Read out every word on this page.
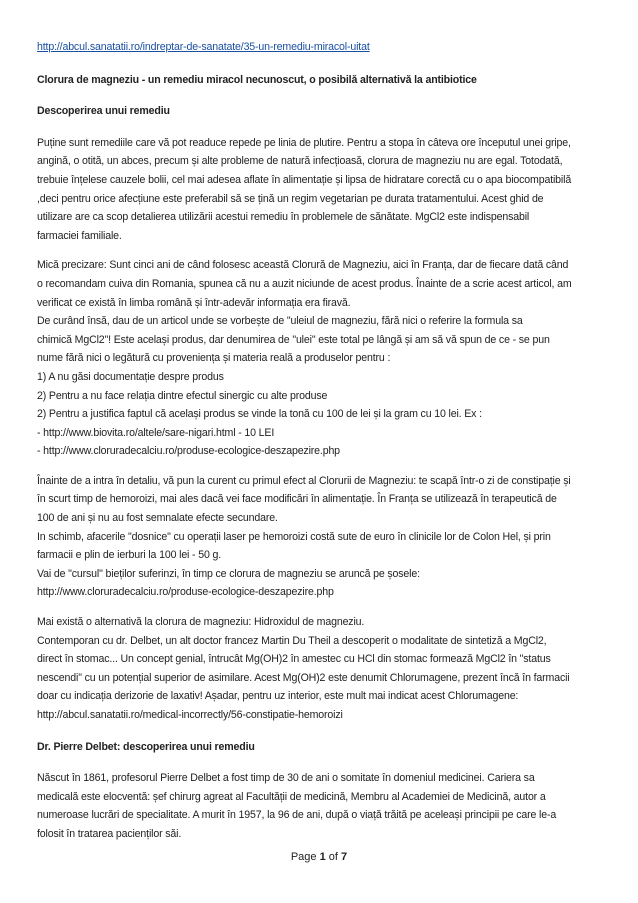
http://abcul.sanatatii.ro/indreptar-de-sanatate/35-un-remediu-miracol-uitat
Clorura de magneziu - un remediu miracol necunoscut, o posibilă alternativă la antibiotice
Descoperirea unui remediu
Puține sunt remediile care vă pot readuce repede pe linia de plutire. Pentru a stopa în câteva ore începutul unei gripe,
angină, o otită, un abces, precum și alte probleme de natură infecțioasă, clorura de magneziu nu are egal. Totodată,
trebuie înțelese cauzele bolii, cel mai adesea aflate în alimentație și lipsa de hidratare corectă cu o apa biocompatibilă
,deci pentru orice afecțiune este preferabil să se țină un regim vegetarian pe durata tratamentului. Acest ghid de
utilizare are ca scop detalierea utilizării acestui remediu în problemele de sănătate. MgCl2 este indispensabil
farmaciei familiale.
Mică precizare: Sunt cinci ani de când folosesc această Clorură de Magneziu, aici în Franța, dar de fiecare dată când
o recomandam cuiva din Romania, spunea că nu a auzit niciunde de acest produs. Înainte de a scrie acest articol, am
verificat ce există în limba română și într-adevăr informația era firavă.
De curând însă, dau de un articol unde se vorbește de "uleiul de magneziu, fără nici o referire la formula sa
chimică MgCl2"! Este același produs, dar denumirea de "ulei" este total pe lângă și am să vă spun de ce - se pun
nume fără nici o legătură cu proveniența și materia reală a produselor pentru :
1) A nu găsi documentație despre produs
2) Pentru a nu face relația dintre efectul sinergic cu alte produse
2) Pentru a justifica faptul că același produs se vinde la tonă cu 100 de lei și la gram cu 10 lei. Ex :
- http://www.biovita.ro/altele/sare-nigari.html - 10 LEI
- http://www.cloruradecalciu.ro/produse-ecologice-deszapezire.php
Înainte de a intra în detaliu, vă pun la curent cu primul efect al Clorurii de Magneziu: te scapă într-o zi de constipație și
în scurt timp de hemoroizi, mai ales dacă vei face modificări în alimentație. În Franța se utilizează în terapeutică de
100 de ani și nu au fost semnalate efecte secundare.
In schimb, afacerile "dosnice" cu operații laser pe hemoroizi costă sute de euro în clinicile lor de Colon Hel, și prin
farmacii e plin de ierburi la 100 lei - 50 g.
Vai de "cursul" bieților suferinzi, în timp ce clorura de magneziu se aruncă pe șosele:
http://www.cloruradecalciu.ro/produse-ecologice-deszapezire.php
Mai există o alternativă la clorura de magneziu: Hidroxidul de magneziu.
Contemporan cu dr. Delbet, un alt doctor francez Martin Du Theil a descoperit o modalitate de sintetiză a MgCl2,
direct în stomac... Un concept genial, întrucât Mg(OH)2 în amestec cu HCl din stomac formează MgCl2 în "status
nescendi" cu un potențial superior de asimilare. Acest Mg(OH)2 este denumit Chlorumagene, prezent încă în farmacii
doar cu indicația derizorie de laxativ! Așadar, pentru uz interior, este mult mai indicat acest Chlorumagene:
http://abcul.sanatatii.ro/medical-incorrectly/56-constipatie-hemoroizi
Dr. Pierre Delbet: descoperirea unui remediu
Născut în 1861, profesorul Pierre Delbet a fost timp de 30 de ani o somitate în domeniul medicinei. Cariera sa
medicală este elocventă: șef chirurg agreat al Facultății de medicină, Membru al Academiei de Medicină, autor a
numeroase lucrări de specialitate. A murit în 1957, la 96 de ani, după o viață trăită pe aceleași principii pe care le-a
folosit în tratarea pacienților săi.
Page 1 of 7
